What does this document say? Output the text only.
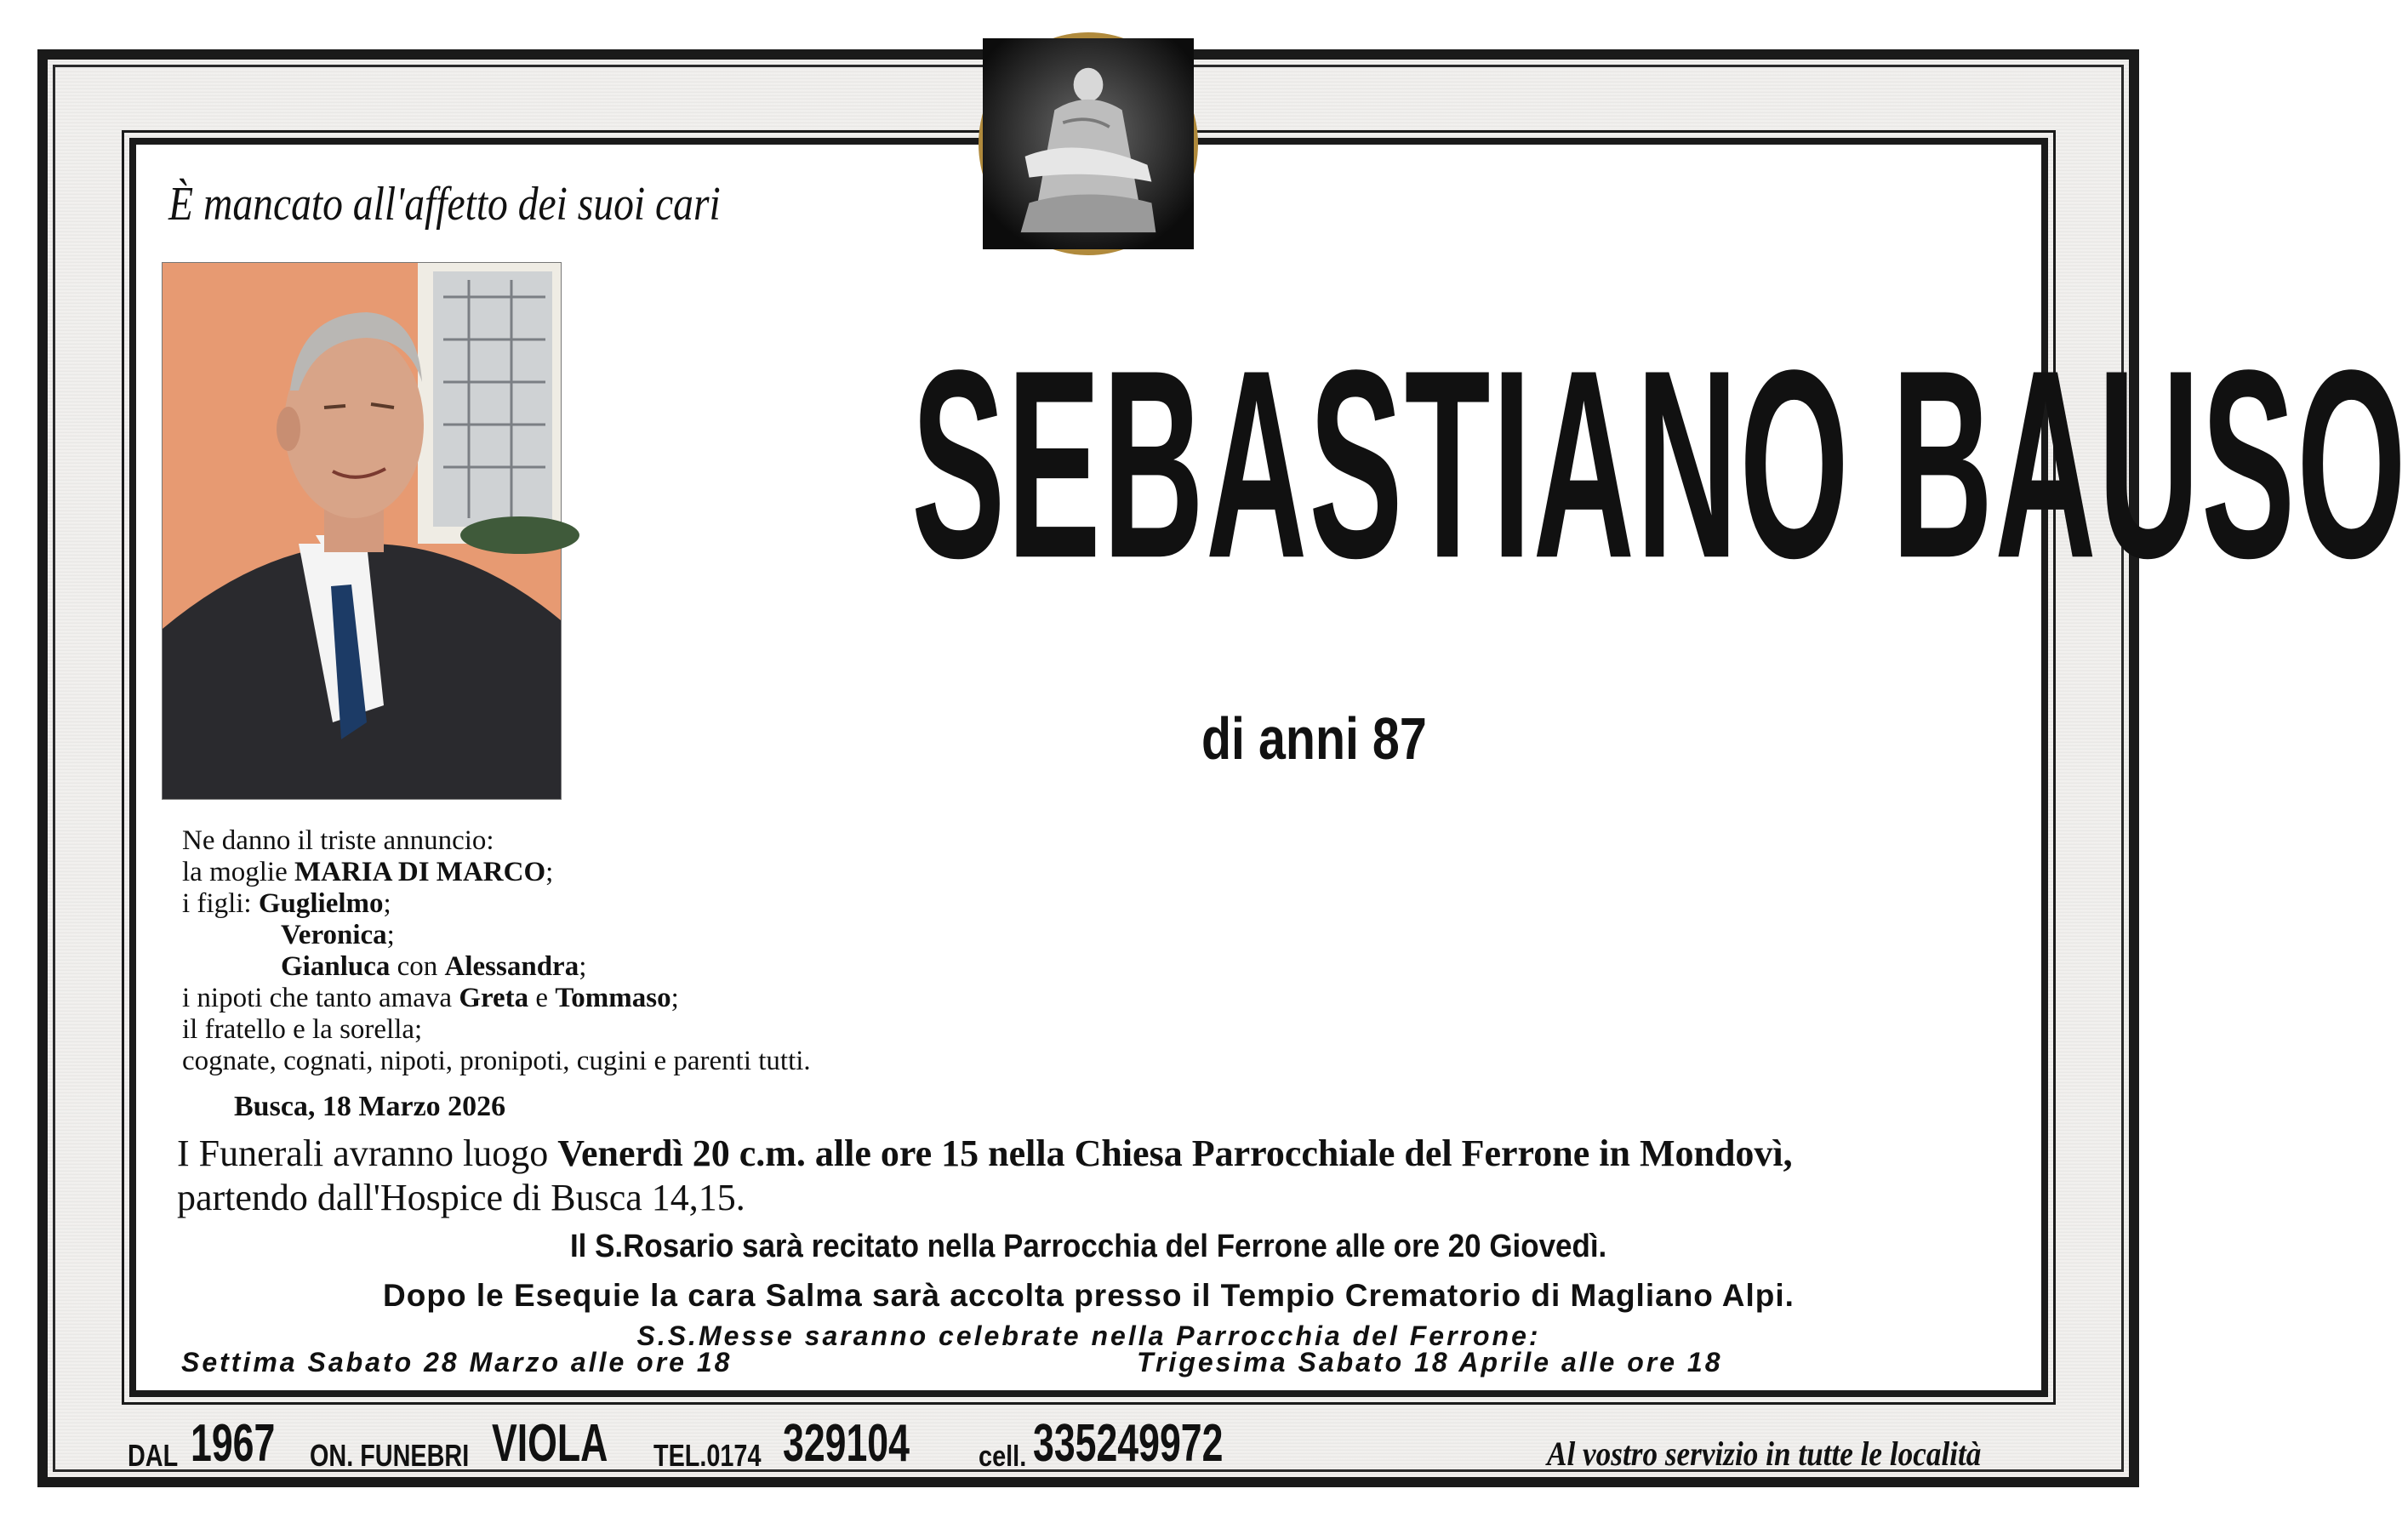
È mancato all'affetto dei suoi cari
SEBASTIANO BAUSO
di anni 87
Ne danno il triste annuncio:
la moglie MARIA DI MARCO;
i figli: Guglielmo;
Veronica;
Gianluca con Alessandra;
i nipoti che tanto amava Greta e Tommaso;
il fratello e la sorella;
cognate, cognati, nipoti, pronipoti, cugini e parenti tutti.
Busca, 18 Marzo 2026
I Funerali avranno luogo Venerdì 20 c.m. alle ore 15 nella Chiesa Parrocchiale del Ferrone in Mondovì,
partendo dall'Hospice di Busca 14,15.
Il S.Rosario sarà recitato nella Parrocchia del Ferrone alle ore 20 Giovedì.
Dopo le Esequie la cara Salma sarà accolta presso il Tempio Crematorio di Magliano Alpi.
S.S.Messe saranno celebrate nella Parrocchia del Ferrone:
Settima Sabato 28 Marzo alle ore 18	Trigesima Sabato 18 Aprile alle ore 18
DAL 1967 ON. FUNEBRI VIOLA TEL.0174 329104 cell. 335249972	Al vostro servizio in tutte le località
